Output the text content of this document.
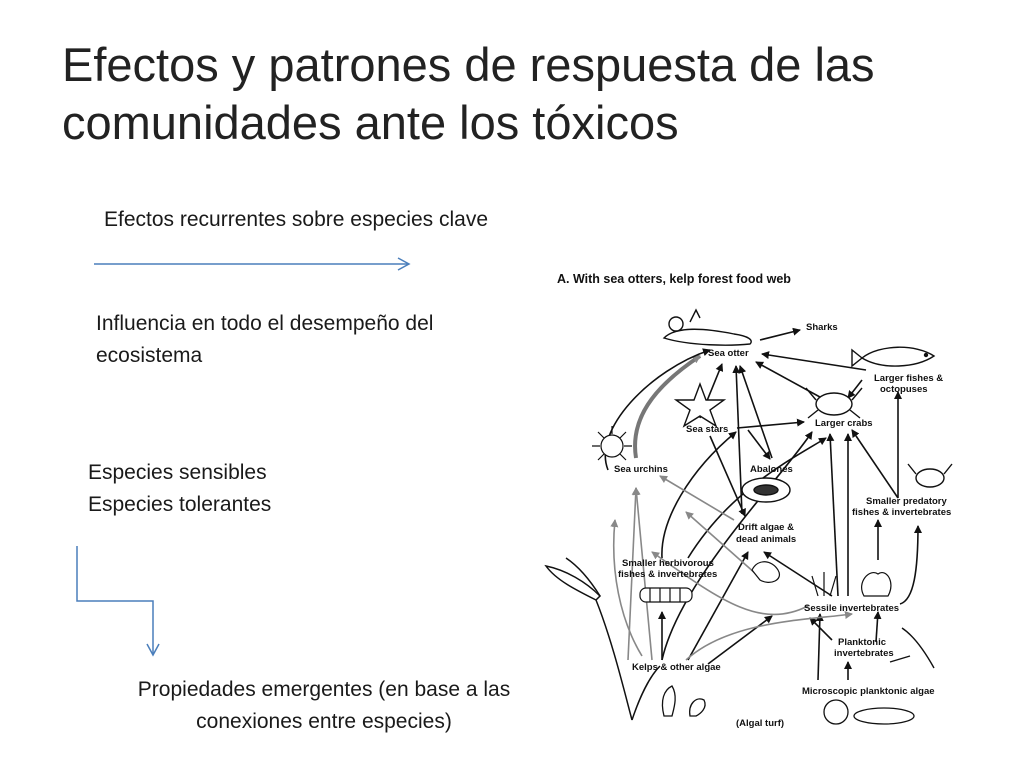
Efectos y patrones de respuesta de las
comunidades ante los tóxicos
Efectos recurrentes sobre especies clave
Influencia en todo el desempeño del
ecosistema
Especies sensibles
Especies tolerantes
Propiedades emergentes (en base a las
conexiones entre especies)
A. With sea otters, kelp forest food web
Sharks
Sea otter
Larger fishes &
octopuses
Sea stars
Larger crabs
Sea urchins	Abalones
Drift algae &
dead animals
Smaller predatory
fishes & invertebrates
Smaller herbivorous
fishes & invertebrates
Sessile invertebrates
Planktonic
invertebrates
Kelps & other algae
Microscopic planktonic algae
(Algal turf)
